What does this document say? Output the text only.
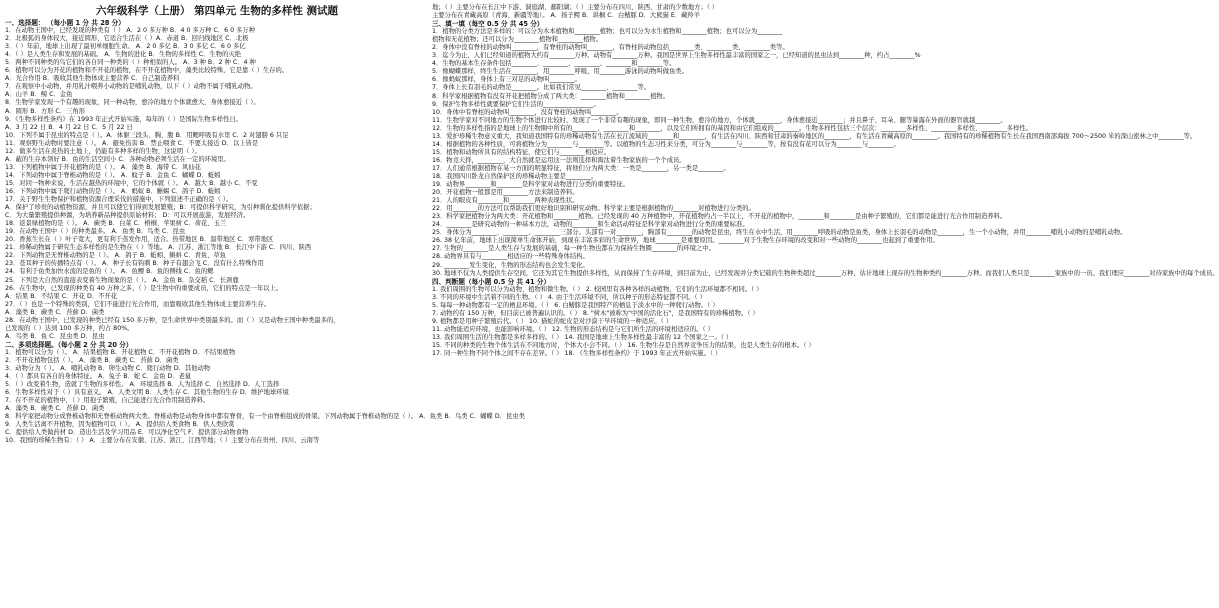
六年级科学（上册） 第四单元 生物的多样性 测试题
一、选择题： （每小题 1 分 共 28 分）
1．在动物王国中，已经发现的种类有（ ） A．2 0 多万种 B．4 0 多万种 C．6 0 多万种
2．北极狐的身体较大，接近圆形，它适合生活在（ ）A．赤道 B．回归线地区 C．北极
3．（ ）年前，地球上出现了最初单细胞生命。 A．2 0 多亿 B．3 0 多亿 C．6 0 多亿
4．（ ）是人类生存和发展的基础。 A．生物的进化 B．生物的多样性 C．生物的灭绝
5．两种不同种类的鸟它们的各自同一种类的（ ）种相似的人。 A．3 种 B．2 种 C．4 种
6．植物可以分为开花的植物和不开花的植物，在不开花植物中，藻类比较特殊，它是靠（ ）生存的。
A．光合作用 B．吸收其他生物体成主要营养 C．自己制造养料
7．在观察中小动物，并用乳汁喂养小动物的是哺乳动物，以下（ ）动物不属于哺乳动物。
A．山羊 B．鲸 C．金鱼
8．生物学家发现一个有趣的现象，同一种动物，愈冷的地方个体就愈大，身体愈接近（ ）。
A．圆形 B．方形 C．三角形
9．《生物多样性条约》在 1993 年正式开始实施，每年的（ ）是国际生物多样性日。
A．3 月 22 日 B．4 月 22 日 C．5 月 22 日
10．下列不属于昆虫的特点是（ ）。A．体躯三段头、胸、腹 B．用鳃呼吸有水里 C．2 对翅膀 6 只足
11．观察野生动物时要注意（ ）。 A．避免伤害 B．禁止喂食 C．不要太接近 D．以上皆是
12．做多生活在炎热的土地上，仍能有多种多样的生物，这说明（ ）。
A．蔽的生存本领好 B．鱼的生活空间小 C．各种动物必须生活在一定的环境里。
13．下列植物中属于开花植物的是（ ）。 A．藻类 B．海带 C．风仙花
14．下列动物中属于脊椎动物的是（ ）。 A．蚊子 B．金鱼 C．蝴蝶 D．蚯蚓
15．对同一物种来说，生活在越热的环境中，它的个体就（ ）。 A．越大 B．越小 C．不变
16．下列动物中属于爬行动物的是（ ）。 A．蚂蚁 B．蜥蜴 C．鸽子 D．蚯蚓
17．关于野生生物保护和植物资源合理采伐的措施中，下列叙述不正确的是（ ）。
A．保护了珍贵的动植物资源，并且可以使它们得到发展繁殖；B：可提供科学研究，为引种驯化提供科学依据；
C．为大量繁殖提供种源，为培养新品种提供原始材料； D：可以开展旅游，发展经济。
18．返景绿植物的是（ ）。 A．蕨类 B．白菜 C．梧桐、苹果树 C．荷花、玉兰
19．在动物王国中（ ）的种类最多。 A．鱼类 B．鸟类 C．昆虫
20．香蕉生长在（ ）叶子宽大，更有利于蒸发作用，适合。热带地区 B．温带地区 C．寒带地区
21．珍稀动物属于研究生态多样性的是生物在（ ）等地。 A．江苏、浙江等地 B．长江中下游 C．四川、陕西
22．下列动物是无脊椎动物的是（ ）。 A．鸽子 B．蚯蚓、蝌蚪 C．青鱼、草鱼
23．苍耳种子的传播特点有（ ）。 A．种子长有钩刺 B．种子有翅会飞 C．没有什么特殊作用
24．有利于鱼类加快水流的是鱼的（ ）。 A．鱼鳔 B．鱼的侧线 C．鱼的鳃
25．下列是大自然的直接表变着生物现象的是（ ）。 A．金鱼 B．杂交稻 C．长颈鹿
26．在生物中，已发现的种类有 40 万种之多，（ ）是生物中的重要成员，它们的特点是一年以上。
A．结果 B．不结果 C．开花 D．不开花
27．（ ）也是一个特殊的类别，它们不能进行光合作用，而靠吸收其他生物体成主要营养生存。
A．藻类 B．蕨类 C．苔藓 D．菌类
28．在动物王国中，已发现的种类已经有 150 多万种，是生命世界中类别最多的。而（ ）又是动物王国中种类最多的，
已发现的（ ）达到 100 多万种，约占 80%。
A．鸟类 B．鱼 C．昆虫类 D．昆虫
二、多项选择题。（每小题 2 分 共 20 分）
1．植物可以分为（ ）。 A．结果植物 B．开花植物 C．不开花植物 D．不结果植物
2．不开花植物包括（ ）。 A．藻类 B．蕨类 C．苔藓 D．菌类
3．动物分为（ ）。 A．哺乳动物 B．卵生动物 C．爬行动物 D．其他动物
4．（ ）都具有各自的身体特征。 A．兔子 B．蛇 C．金鱼 D．老鼠
5．（ ）改变着生物，造就了生物的多样性。 A．环境选择 B．人为选择 C．自然选择 D．人工选择
6．生物多样性对于（ ）具有意义。 A．人类文明 B．人类生存 C．其他生物的生存 D．维护地球环境
7．在不开花的植物中，（ ）用孢子繁殖，自己能进行光合作用制造养料。
A．藻类 B．蕨类 C．苔藓 D．菌类
8．科学家把动物分成脊椎动物和无脊椎动物两大类。脊椎动物是动物身体中都有脊骨，有一个由脊椎组成的骨架。下列动物属于脊椎动物的是（ ）。 A．鱼类 B．鸟类 C．蝴蝶 D．昆虫类
9．人类生活离不开植物，因为植物可以（ ）。 A．提供给人类食物 B．供人类欣赏
C．提供给人类做药材 D．造出生活及学习用品 E．可以净化空气 F．提供部分动物食物
10．我国的珍稀生物有：（ ） A．主要分布在安徽、江苏、浙江、江西等地；（ ）主要分布在贵州、四川、云南等
地；（ ）主要分布在长江中下游、洞庭湖、鄱阳湖；（ ）主要分布在四川、陕西、甘肃的少数地方；（ ）
主要分布在青藏高原（青海、新疆等地）。 A．扬子鳄 B．珙桐 C．白鳍豚 D．大熊猫 E．藏羚羊
三、填一填（每空 0.5 分 共 45 分）
1．植物的分类方法是多样的：可以分为木本植物和________植物；也可以分为水生植物和________植物；也可以分为________
植物和无花植物；还可以分为________植物和________植物。
2．身体中没有脊柱的动物叫________，有脊柱的动物叫________，有脊柱的动物包括________类、________类、________类等。
3．迄今为止，人们已经知道的植物大约有________万种。动物有________万种。我国是世界上生物多样性最丰富的国家之一，已经知道的昆虫达到________种，约占________%
4．生物的基本生存条件包括________、________、________、________和________等。
5．像蝴蝶那样，终生生活在________，用________呼吸，用________游泳的动物叫做鱼类。
6．像蚂蚁那样，身体上有三对足的动物叫________。
7．身体上长有羽毛的动物是________。比如我们常见________、________等。
8．科学家根据植物有没有开花把植物分成了两大类：________植物和________植物。
9．保护生物多样性就要保护它们生活的________________。
10．身体中有脊柱的动物叫________，没有脊柱的动物叫________。
11．生物学家对不同地方的生物个体进行比较时，发现了一个非常有趣的现象，即同一种生物，愈冷的地方，个体就________，身体愈接近________；并且鼻子、耳朵、腿等暴露在外面的器官就越________。
12．生物的多样性指的是地球上的生物圈中所有的________、________和________，以及它们所拥有的基因和由它们组成的________。生物多样性包括三个层次：________多样性、________多样性、________多样性。
13．爱护珍稀生物意义重大，我知道我国特有的珍稀动物有生活在长江流域的________和________，有生活在四川、陕西和甘肃的秦岭地区的________，有生活在青藏高原的________。我国特有的珍稀植物有生长在我国西南部海拔 700～2500 米的深山密林之中________等。
14．根据植物的各种性质，可将植物分为________与________等。以植物的生态习性来分类，可分为________与________等，按有没有花可以分为________与________。
15．植物和动物所具有的结构特征，使它们与________相适应。
16．物竞天择，________，大自然就是运用这一法则选择和淘汰着生物家族的一个个成员。
17．人们通常根据植物在某一方面的明显特征，将他们分为两大类：一类是________，另一类是________。
18．我国四川卧龙自然保护区的珍稀动物主要是________。
19．动物界________和________是科学家对动物进行分类的重要特征。
20．开花植物一般都是用________方法来制造养料。
21．人的眼皮有________和________两种表现性状。
22．用________的方法可以帮助我们更好地识别和研究动物。科学家主要是根据植物的________对植物进行分类的。
23．科学家把植物分为两大类：开花植物和________植物。已经发现的 40 万种植物中，开花植物约占一半以上，不开花的植物中，________和________是由种子繁殖的，它们都是能进行光合作用制造养料。
24．________是研究动物的一种基本方法，动物的________和生命活动特征是科学家对动物进行分类的重要标准。
25．身体分为________、________、________三部分。头部有一对________，胸部有________的动物是昆虫，终生在水中生活，用________呼吸的动物是鱼类，身体上长羽毛的动物是________，生一个小动物，并用________哺乳小动物的是哺乳动物。
26. 38 亿年前，地球上出现简单生命体开始，到现在丰富多彩的生命世界，地球________是重要原因。________对于生物生存环境的改变和对一些动物的________也起到了重要作用。
27. 生物的________是人类生存与发展的基础，每一种生物也都在为保持生物圈________的环境之中。
28. 动物界具有与________相适应的一些特殊身体结构。
29. ________发生变化，生物的形态结构也会发生变化。
30. 地球不仅为人类提供生存空间，它还为其它生物提供多样性，从而保持了生存环境，到目前为止，已经发现并分类记载的生物种类超过________万种，估计地球上现存的生物种类约________万种。而我们人类只是________家族中的一员。我们理应________对待家族中的每个成员。
四、判断题（每小题 0.5 分 共 41 分）
1. 我们周围的生物可以分为动物、植物和微生物。（ ） 2. 校园里有各种各样的动植物，它们的生活环境都不相同。（ ）
3. 不同的环境中生活着不同的生物。（ ） 4. 由于生活环境不同，所以种子的形态特征都不同。（ ）
5. 每每一种动物都有一定的栖息环境。（ ） 6. 白鳍豚是我国特产的栖息于淡水中的一种爬行动物。（ ）
7. 动物约有 150 万种，但目前已被普遍认识的。（ ） 8. "树木"被称为"中国的活化石"，是我国特有的珍稀植物。（ ）
9. 植物都是用种子繁殖后代。（ ） 10. 猫蛇的蛇皮是对沙漠干早环境的一种适应。（ ）
11. 动物能适应环境，也能影响环境。（ ） 12. 生物的形态结构是与它们所生活的环境相适应的。（ ）
13. 我们周围生活的生物都是多样多样的。（ ） 14. 我国是地球上生物多样性最丰富的 12 个国家之一。（ ）
15. 不同的种类的生物个体生活在不同地方时，个体大小会不同。（ ） 16. 生物生存是自然界竞争压力的结果，也是人类生存的根本。（ ）
17. 同一种生物不同个体之间不存在差异。（ ） 18. 《生物多样性条约》于 1993 年正式开始实施。（ ）
